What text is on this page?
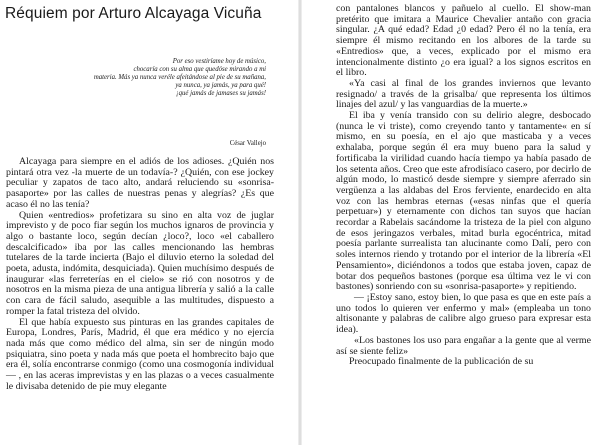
Réquiem por Arturo Alcayaga Vicuña
Por eso vestiríame hoy de músico,
chocaría con su alma que quedóse mirando a mi
materia. Más ya nunca veréle afeitándose al pie de su mañana,
ya nunca, ya jamás, ya para qué!
¡qué jamás de jamases su jamás!
César Vallejo

Alcayaga para siempre en el adiós de los adioses. ¿Quién nos pintará otra vez -la muerte de un todavía-? ¿Quién, con ese jockey peculiar y zapatos de taco alto, andará reluciendo su «sonrisa-pasaporte» por las calles de nuestras penas y alegrías? ¿Es que acaso él no las tenía?

Quien «entredios» profetizara su sino en alta voz de juglar imprevisto y de poco fiar según los muchos ignaros de provincia y algo o bastante loco, según decían ¿loco?, loco «el caballero descalcificado» iba por las calles mencionando las hembras tutelares de la tarde incierta (Bajo el diluvio eterno la soledad del poeta, adusta, indómita, desquiciada). Quien muchísimo después de inaugurar «las ferreterías en el cielo» se rió con nosotros y de nosotros en la misma pieza de una antigua librería y salió a la calle con cara de fácil saludo, asequible a las multitudes, dispuesto a romper la fatal tristeza del olvido.

El que había expuesto sus pinturas en las grandes capitales de Europa, Londres, París, Madrid, él que era médico y no ejercía nada más que como médico del alma, sin ser de ningún modo psiquiatra, sino poeta y nada más que poeta el hombrecito bajo que era él, solía encontrarse conmigo (como una cosmogonía individual— , en las aceras imprevistas y en las plazas o a veces casualmente le divisaba detenido de pie muy elegante

con pantalones blancos y pañuelo al cuello. El show-man pretérito que imitara a Maurice Chevalier antaño con gracia singular. ¿A qué edad? Edad ¿0 edad? Pero él no la tenía, era siempre él mismo recitando en los albores de la tarde su «Entredios» que, a veces, explicado por el mismo era intencionalmente distinto ¿o era igual? a los signos escritos en el libro.

«Ya casi al final de los grandes inviernos que levanto resignado/ a través de la grisalba/ que representa los últimos linajes del azul/ y las vanguardias de la muerte.»

El iba y venía transido con su delirio alegre, desbocado (nunca le vi triste), como creyendo tanto y tantamente« en sí mismo, en su poesía, en el ajo que masticaba y a veces exhalaba, porque según él era muy bueno para la salud y fortificaba la virilidad cuando hacía tiempo ya había pasado de los setenta años. Creo que este afrodisíaco casero, por decirlo de algún modo, lo masticó desde siempre y siempre aferrado sin vergüenza a las aldabas del Eros ferviente, enardecido en alta voz con las hembras eternas («esas ninfas que el quería perpetuar») y eternamente con dichos tan suyos que hacían recordar a Rabelais sacándome la tristeza de la piel con alguno de esos jeringazos verbales, mitad burla egocéntrica, mitad poesía parlante surrealista tan alucinante como Dalí, pero con soles internos riendo y trotando por el interior de la librería «El Pensamiento», diciéndonos a todos que estaba joven, capaz de botar dos pequeños bastones (porque esa última vez le vi con bastones) sonriendo con su «sonrisa-pasaporte» y repitiendo.

— ¡Estoy sano, estoy bien, lo que pasa es que en este país a uno todos lo quieren ver enfermo y mal» (empleaba un tono altisonante y palabras de calibre algo grueso para expresar esta idea).

«Los bastones los uso para engañar a la gente que al verme así se siente feliz»

Preocupado finalmente de la publicación de su
